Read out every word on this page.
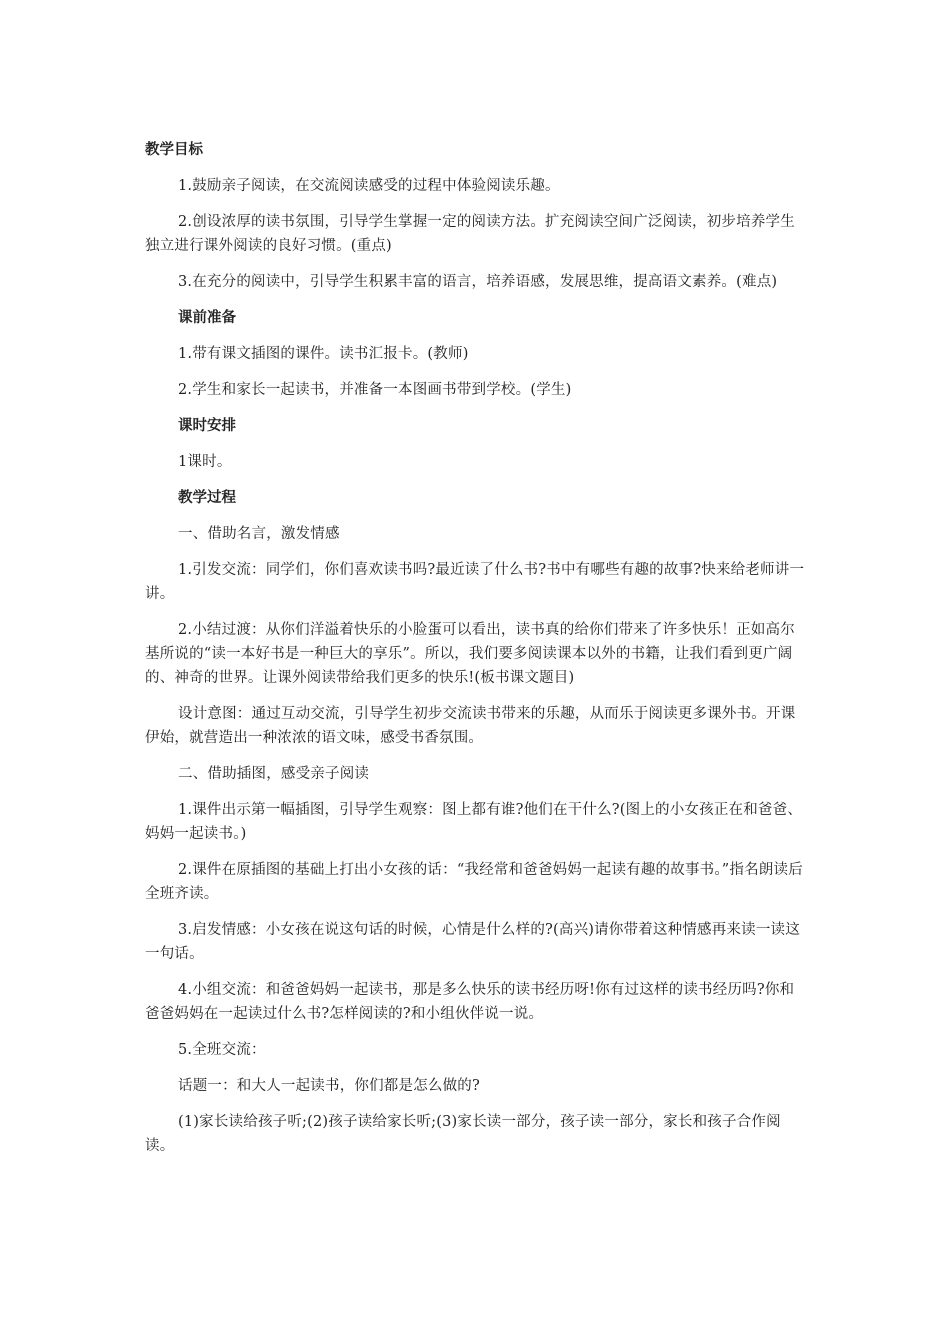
教学目标

1.鼓励亲子阅读，在交流阅读感受的过程中体验阅读乐趣。

2.创设浓厚的读书氛围，引导学生掌握一定的阅读方法。扩充阅读空间广泛阅读，初步培养学生独立进行课外阅读的良好习惯。(重点)

3.在充分的阅读中，引导学生积累丰富的语言，培养语感，发展思维，提高语文素养。(难点)

课前准备

1.带有课文插图的课件。读书汇报卡。(教师)

2.学生和家长一起读书，并准备一本图画书带到学校。(学生)

课时安排

1课时。

教学过程

一、借助名言，激发情感

1.引发交流：同学们，你们喜欢读书吗?最近读了什么书?书中有哪些有趣的故事?快来给老师讲一讲。

2.小结过渡：从你们洋溢着快乐的小脸蛋可以看出，读书真的给你们带来了许多快乐！正如高尔基所说的“读一本好书是一种巨大的享乐”。所以，我们要多阅读课本以外的书籍，让我们看到更广阔的、神奇的世界。让课外阅读带给我们更多的快乐!(板书课文题目)

设计意图：通过互动交流，引导学生初步交流读书带来的乐趣，从而乐于阅读更多课外书。开课伊始，就营造出一种浓浓的语文味，感受书香氛围。

二、借助插图，感受亲子阅读

1.课件出示第一幅插图，引导学生观察：图上都有谁?他们在干什么?(图上的小女孩正在和爸爸、妈妈一起读书。)

2.课件在原插图的基础上打出小女孩的话：“我经常和爸爸妈妈一起读有趣的故事书。”指名朗读后全班齐读。

3.启发情感：小女孩在说这句话的时候，心情是什么样的?(高兴)请你带着这种情感再来读一读这一句话。

4.小组交流：和爸爸妈妈一起读书，那是多么快乐的读书经历呀!你有过这样的读书经历吗?你和爸爸妈妈在一起读过什么书?怎样阅读的?和小组伙伴说一说。

5.全班交流：

话题一：和大人一起读书，你们都是怎么做的?

(1)家长读给孩子听;(2)孩子读给家长听;(3)家长读一部分，孩子读一部分，家长和孩子合作阅读。
